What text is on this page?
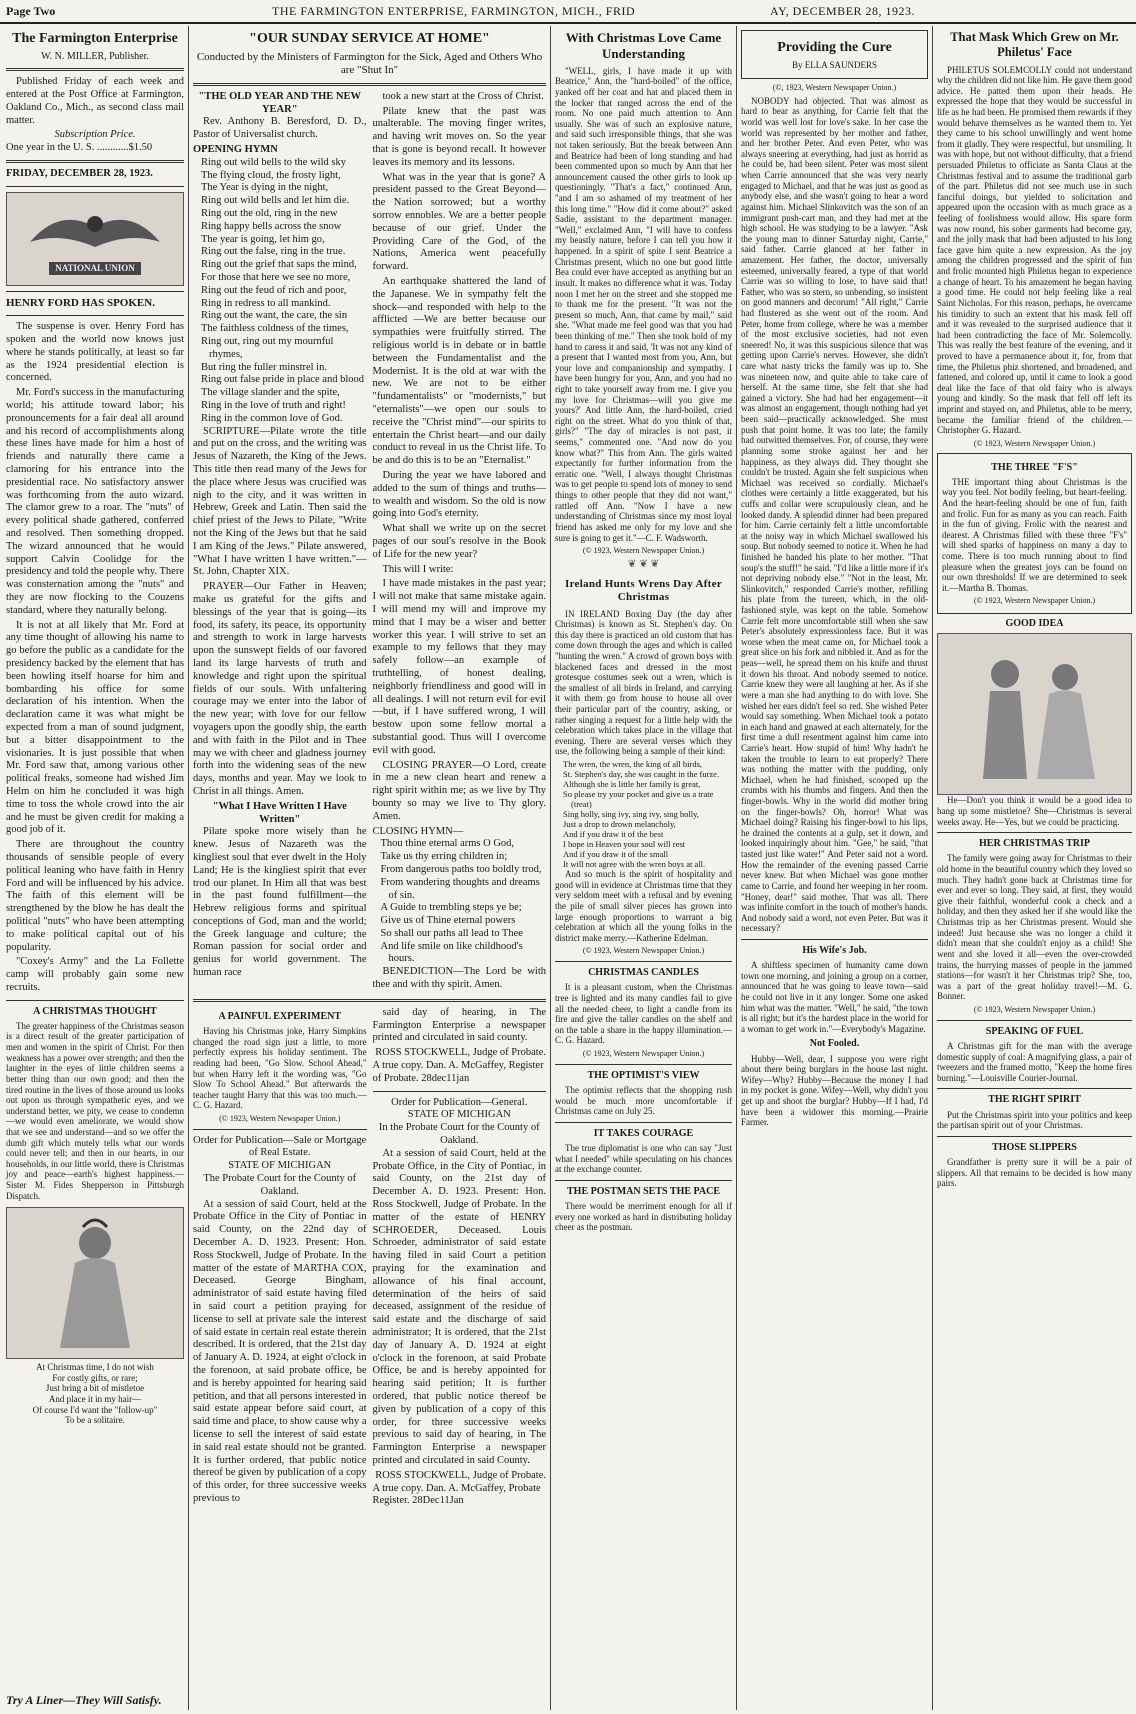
Page Two	THE FARMINGTON ENTERPRISE, FARMINGTON, MICH., FRID	AY, DECEMBER 28, 1923.
The Farmington Enterprise
W. N. MILLER, Publisher.

Published Friday of each week and entered at the Post Office at Farmington, Oakland Co., Mich., as second class mail matter.

Subscription Price.
One year in the U. S. ............$1.50
FRIDAY, DECEMBER 28, 1923.
NATIONAL UNION
HENRY FORD HAS SPOKEN.

The suspense is over. Henry Ford has spoken and the world now knows just where he stands politically, at least so far as the 1924 presidential election is concerned.

Mr. Ford's success in the manufacturing world; his attitude toward labor; his pronouncements for a fair deal all around and his record of accomplishments along these lines have made for him a host of friends and naturally there came a clamoring for his entrance into the presidential race. No satisfactory answer was forthcoming from the auto wizard. The clamor grew to a roar. The "nuts" of every political shade gathered, conferred and resolved. Then something dropped. The wizard announced that he would support Calvin Coolidge for the presidency and told the people why. There was consternation among the "nuts" and they are now flocking to the Couzens standard, where they naturally belong.

It is not at all likely that Mr. Ford at any time thought of allowing his name to go before the public as a candidate for the presidency backed by the element that has been howling itself hoarse for him and bombarding his office for some declaration of his intention. When the declaration came it was what might be expected from a man of sound judgment, but a bitter disappointment to the visionaries. It is just possible that when Mr. Ford saw that, among various other political freaks, someone had wished Jim Helm on him he concluded it was high time to toss the whole crowd into the air and he must be given credit for making a good job of it.

There are throughout the country thousands of sensible people of every political leaning who have faith in Henry Ford and will be influenced by his advice. The faith of this element will be strengthened by the blow he has dealt the political "nuts" who have been attempting to make political capital out of his popularity.

"Coxey's Army" and the La Follette camp will probably gain some new recruits.

A CHRISTMAS THOUGHT

The greater happiness of the Christmas season is a direct result of the greater participation of men and women in the spirit of Christ. For then weakness has a power over strength; and then the laughter in the eyes of little children seems a better thing than our own good; and then the tired routine in the lives of those around us looks out upon us through sympathetic eyes, and we understand better, we pity, we cease to condemn—we would even ameliorate, we would show that we see and understand—and so we offer the dumb gift which mutely tells what our words could never tell; and then in our hearts, in our households, in our little world, there is Christmas joy and peace—earth's highest happiness.—Sister M. Fides Shepperson in Pittsburgh Dispatch.

At Christmas time, I do not wish
For costly gifts, or rare;
Just bring a bit of mistletoe
And place it in my hair—
Of course I'd want the "follow-up"
To be a solitaire.
Try A Liner—They Will Satisfy.
"OUR SUNDAY SERVICE AT HOME"
Conducted by the Ministers of Farmington for the Sick, Aged and Others Who are "Shut In"
"THE OLD YEAR AND THE NEW YEAR"

Rev. Anthony B. Beresford, D. D., Pastor of Universalist church.

OPENING HYMN
Ring out wild bells to the wild sky
The flying cloud, the frosty light,
The Year is dying in the night,
Ring out wild bells and let him die.
Ring out the old, ring in the new
Ring happy bells across the snow
The year is going, let him go,
Ring out the false, ring in the true.
Ring out the grief that saps the mind,
For those that here we see no more,
Ring out the feud of rich and poor,
Ring in redress to all mankind.
Ring out the want, the care, the sin
The faithless coldness of the times,
Ring out, ring out my mournful rhymes,
But ring the fuller minstrel in.
Ring out false pride in place and blood
The village slander and the spite,
Ring in the love of truth and right!
Ring in the common love of God.

SCRIPTURE—Pilate wrote the title and put on the cross, and the writing was Jesus of Nazareth, the King of the Jews. This title then read many of the Jews for the place where Jesus was crucified was nigh to the city, and it was written in Hebrew, Greek and Latin. Then said the chief priest of the Jews to Pilate, "Write not the King of the Jews but that he said I am King of the Jews." Pilate answered, "What I have written I have written."—St. John, Chapter XIX.

PRAYER—Our Father in Heaven; make us grateful for the gifts and blessings of the year that is going—its food, its safety, its peace, its opportunity and strength to work in large harvests upon the sunswept fields of our favored land its large harvests of truth and knowledge and right upon the spiritual fields of our souls. With unfaltering courage may we enter into the labor of the new year; with love for our fellow voyagers upon the goodly ship, the earth and with faith in the Pilot and in Thee may we with cheer and gladness journey forth into the widening seas of the new days, months and year. May we look to Christ in all things. Amen.

"What I Have Written I Have Written"

Pilate spoke more wisely than he knew. Jesus of Nazareth was the kingliest soul that ever dwelt in the Holy Land; He is the kingliest spirit that ever trod our planet. In Him all that was best in the past found fulfillment—the Hebrew religious forms and spiritual conceptions of God, man and the world; the Greek language and culture; the Roman passion for social order and genius for world government. The human race

took a new start at the Cross of Christ.

Pilate knew that the past was unalterable. The moving finger writes, and having writ moves on. So the year that is gone is beyond recall. It however leaves its memory and its lessons.

What was in the year that is gone? A president passed to the Great Beyond—the Nation sorrowed; but a worthy sorrow ennobles. We are a better people because of our grief. Under the Providing Care of the God, of the Nations, America went peacefully forward.

An earthquake shattered the land of the Japanese. We in sympathy felt the shock—and responded with help to the afflicted —We are better because our sympathies were fruitfully stirred. The religious world is in debate or in battle between the Fundamentalist and the Modernist. It is the old at war with the new. We are not to be either "fundamentalists" or "modernists," but "eternalists"—we open our souls to receive the "Christ mind"—our spirits to entertain the Christ heart—and our daily conduct to reveal in us the Christ life. To be and do this is to be an "Eternalist."

During the year we have labored and added to the sum of things and truths—to wealth and wisdom. So the old is now going into God's eternity.

What shall we write up on the secret pages of our soul's resolve in the Book of Life for the new year?

This will I write:

I have made mistakes in the past year; I will not make that same mistake again. I will mend my will and improve my mind that I may be a wiser and better worker this year. I will strive to set an example to my fellows that they may safely follow—an example of truthtelling, of honest dealing, neighborly friendliness and good will in all dealings. I will not return evil for evil—but, if I have suffered wrong, I will bestow upon some fellow mortal a substantial good. Thus will I overcome evil with good.

CLOSING PRAYER—O Lord, create in me a new clean heart and renew a right spirit within me; as we live by Thy bounty so may we live to Thy glory. Amen.

CLOSING HYMN—
Thou thine eternal arms O God,
Take us thy erring children in;
From dangerous paths too boldly trod,
From wandering thoughts and dreams of sin.
A Guide to trembling steps ye be;
Give us of Thine eternal powers
So shall our paths all lead to Thee
And life smile on like childhood's hours.

BENEDICTION—The Lord be with thee and with thy spirit. Amen.

A PAINFUL EXPERIMENT

Having his Christmas joke, Harry Simpkins changed the road sign just a little, to more perfectly express his holiday sentiment. The reading had been, "Go Slow. School Ahead," but when Harry left it the wording was, "Go Slow To School Ahead." But afterwards the teacher taught Harry that this was too much.—C. G. Hazard.

(© 1923, Western Newspaper Union.)
Order for Publication—Sale or Mortgage of Real Estate.
STATE OF MICHIGAN
The Probate Court for the County of Oakland.

At a session of said Court, held at the Probate Office in the City of Pontiac in said County, on the 22nd day of December A. D. 1923. Present: Hon. Ross Stockwell, Judge of Probate. In the matter of the estate of MARTHA COX, Deceased. George Bingham, administrator of said estate having filed in said court a petition praying for license to sell at private sale the interest of said estate in certain real estate therein described. It is ordered, that the 21st day of January A. D. 1924, at eight o'clock in the forenoon, at said probate office, be and is hereby appointed for hearing said petition, and that all persons interested in said estate appear before said court, at said time and place, to show cause why a license to sell the interest of said estate in said real estate should not be granted. It is further ordered, that public notice thereof be given by publication of a copy of this order, for three successive weeks previous to

said day of hearing, in The Farmington Enterprise a newspaper printed and circulated in said county.

ROSS STOCKWELL, Judge of Probate.
A true copy. Dan. A. McGaffey, Register of Probate. 28dec11jan
Order for Publication—General.
STATE OF MICHIGAN
In the Probate Court for the County of Oakland.

At a session of said Court, held at the Probate Office, in the City of Pontiac, in said County, on the 21st day of December A. D. 1923. Present: Hon. Ross Stockwell, Judge of Probate. In the matter of the estate of HENRY SCHROEDER, Deceased. Louis Schroeder, administrator of said estate having filed in said Court a petition praying for the examination and allowance of his final account, determination of the heirs of said deceased, assignment of the residue of said estate and the discharge of said administrator; It is ordered, that the 21st day of January A. D. 1924 at eight o'clock in the forenoon, at said Probate Office, be and is hereby appointed for hearing said petition; It is further ordered, that public notice thereof be given by publication of a copy of this order, for three successive weeks previous to said day of hearing, in The Farmington Enterprise a newspaper printed and circulated in said County.

ROSS STOCKWELL, Judge of Probate.
A true copy. Dan. A. McGaffey, Probate Register. 28Dec11Jan
With Christmas Love Came Understanding

"WELL, girls, I have made it up with Beatrice," Ann, the "hard-boiled" of the office, yanked off her coat and hat and placed them in the locker that ranged across the end of the room. No one paid much attention to Ann usually. She was of such an explosive nature, and said such irresponsible things, that she was not taken seriously. But the break between Ann and Beatrice had been of long standing and had been commented upon so much by Ann that her announcement caused the other girls to look up questioningly. "That's a fact," continued Ann, "and I am so ashamed of my treatment of her this long time." "How did it come about?" asked Sadie, assistant to the department manager. "Well," exclaimed Ann, "I will have to confess my beastly nature, before I can tell you how it happened. In a spirit of spite I sent Beatrice a Christmas present, which no one but good little Bea could ever have accepted as anything but an insult. It makes no difference what it was. Today noon I met her on the street and she stopped me to thank me for the present. "It was not the present so much, Ann, that came by mail," said she. "What made me feel good was that you had been thinking of me." Then she took hold of my hand to caress it and said, 'It was not any kind of a present that I wanted most from you, Ann, but your love and companionship and sympathy. I have been hungry for you, Ann, and you had no right to take yourself away from me. I give you my love for Christmas—will you give me yours?' And little Ann, the hard-boiled, cried right on the street. What do you think of that, girls?" "The day of miracles is not past, it seems," commented one. "And now do you know what?" This from Ann. The girls waited expectantly for further information from the erratic one. "Well, I always thought Christmas was to get people to spend lots of money to send things to other people that they did not want," rattled off Ann. "Now I have a new understanding of Christmas since my most loyal friend has asked me only for my love and she sure is going to get it."—C. F. Wadsworth.

(© 1923, Western Newspaper Union.)
❦ ❦ ❦
Ireland Hunts Wrens Day After Christmas

IN IRELAND Boxing Day (the day after Christmas) is known as St. Stephen's day. On this day there is practiced an old custom that has come down through the ages and which is called "hunting the wren." A crowd of grown boys with blackened faces and dressed in the most grotesque costumes seek out a wren, which is the smallest of all birds in Ireland, and carrying it with them go from house to house all over their particular part of the country, asking, or rather singing a request for a little help with the celebration which takes place in the village that evening. There are several verses which they use, the following being a sample of their kind:

The wren, the wren, the king of all birds,
St. Stephen's day, she was caught in the furze.
Although she is little her family is great,
So please try your pocket and give us a trate (treat)
Sing holly, sing ivy, sing ivy, sing holly,
Just a drop to drown melancholy,
And if you draw it of the best
I hope in Heaven your soul will rest
And if you draw it of the small
It will not agree with the wren boys at all.

And so much is the spirit of hospitality and good will in evidence at Christmas time that they very seldom meet with a refusal and by evening the pile of small silver pieces has grown into large enough proportions to warrant a big celebration at which all the young folks in the district make merry.—Katherine Edelman.

(© 1923, Western Newspaper Union.)
CHRISTMAS CANDLES

It is a pleasant custom, when the Christmas tree is lighted and its many candles fail to give all the needed cheer, to light a candle from its fire and give the taller candles on the shelf and on the table a share in the happy illumination.—C. G. Hazard.

(© 1923, Western Newspaper Union.)
THE OPTIMIST'S VIEW

The optimist reflects that the shopping rush would be much more uncomfortable if Christmas came on July 25.

IT TAKES COURAGE

The true diplomatist is one who can say "Just what I needed" while speculating on his chances at the exchange counter.

THE POSTMAN SETS THE PACE

There would be merriment enough for all if every one worked as hard in distributing holiday cheer as the postman.

Providing the Cure
By ELLA SAUNDERS
(©, 1923, Western Newspaper Union.)

NOBODY had objected. That was almost as hard to bear as anything, for Carrie felt that the world was well lost for love's sake. In her case the world was represented by her mother and father, and her brother Peter. And even Peter, who was always sneering at everything, had just as horrid as he could be, had been silent. Peter was most silent when Carrie announced that she was very nearly engaged to Michael, and that he was just as good as anybody else, and she wasn't going to hear a word against him. Michael Slinkovitch was the son of an immigrant push-cart man, and they had met at the high school. He was studying to be a lawyer. "Ask the young man to dinner Saturday night, Carrie," said father. Carrie glanced at her father in amazement. Her father, the doctor, universally esteemed, universally feared, a type of that world Carrie was so willing to lose, to have said that! Father, who was so stern, so unbending, so insistent on good manners and decorum! "All right," Carrie had flustered as she went out of the room. And Peter, home from college, where he was a member of the most exclusive societies, had not even sneered! No, it was this suspicious silence that was getting upon Carrie's nerves. However, she didn't care what nasty tricks the family was up to. She was nineteen now, and quite able to take care of herself. At the same time, she felt that she had gained a victory. She had had her engagement—it was almost an engagement, though nothing had yet been said—practically acknowledged. She must push that point home. It was too late; the family had outwitted themselves. For, of course, they were planning some stroke against her and her happiness, as they always did. They thought she couldn't be trusted. Again she felt suspicious when Michael was received so cordially. Michael's clothes were certainly a little exaggerated, but his cuffs and collar were scrupulously clean, and he looked dandy. A splendid dinner had been prepared for him. Carrie certainly felt a little uncomfortable at the noisy way in which Michael swallowed his soup. But nobody seemed to notice it. When he had finished he handed his plate to her mother. "That soup's the stuff!" he said. "I'd like a little more if it's not depriving nobody else." "Not in the least, Mr. Slinkovitch," responded Carrie's mother, refilling his plate from the tureen, which, in the old-fashioned style, was kept on the table. Somehow Carrie felt more uncomfortable still when she saw Peter's absolutely expressionless face. But it was worse when the meat came on, for Michael took a great slice on his fork and nibbled it. And as for the peas—well, he spread them on his knife and thrust it down his throat. And nobody seemed to notice. Carrie knew they were all laughing at her. As if she were a man she had anything to do with love. She wished her ears didn't feel so red. She wished Peter would say something. When Michael took a potato in each hand and gnawed at each alternately, for the first time a dull resentment against him came into Carrie's heart. How stupid of him! Why hadn't he taken the trouble to learn to eat properly? There was nothing the matter with the pudding, only Michael, when he had finished, scooped up the crumbs with his thumbs and fingers. And then the finger-bowls. Why in the world did mother bring on the finger-bowls? Oh, horror! What was Michael doing? Raising his finger-bowl to his lips, he drained the contents at a gulp, set it down, and looked inquiringly about him. "Gee," he said, "that tasted just like water!" And Peter said not a word. How the remainder of the evening passed Carrie never knew. But when Michael was gone mother came to Carrie, and found her weeping in her room. "Honey, dear!" said mother. That was all. There was infinite comfort in the touch of mother's hands. And nobody said a word, not even Peter. But was it necessary?

His Wife's Job.

A shiftless specimen of humanity came down town one morning, and joining a group on a corner, announced that he was going to leave town—said he could not live in it any longer. Some one asked him what was the matter. "Well," he said, "the town is all right; but it's the hardest place in the world for a woman to get work in."—Everybody's Magazine.

Not Fooled.

Hubby—Well, dear, I suppose you were right about there being burglars in the house last night. Wifey—Why? Hubby—Because the money I had in my pocket is gone. Wifey—Well, why didn't you get up and shoot the burglar? Hubby—If I had, I'd have been a widower this morning.—Prairie Farmer.

That Mask Which Grew on Mr. Philetus' Face

PHILETUS SOLEMCOLLY could not understand why the children did not like him. He gave them good advice. He patted them upon their heads. He expressed the hope that they would be successful in life as he had been. He promised them rewards if they would behave themselves as he wanted them to. Yet they came to his school unwillingly and went home from it gladly. They were respectful, but unsmiling. It was with hope, but not without difficulty, that a friend persuaded Philetus to officiate as Santa Claus at the Christmas festival and to assume the traditional garb of the part. Philetus did not see much use in such fanciful doings, but yielded to solicitation and appeared upon the occasion with as much grace as a feeling of foolishness would allow. His spare form was now round, his sober garments had become gay, and the jolly mask that had been adjusted to his long face gave him quite a new expression. As the joy among the children progressed and the spirit of fun and frolic mounted high Philetus began to experience a change of heart. To his amazement he began having a good time. He could not help feeling like a real Saint Nicholas. For this reason, perhaps, he overcame his timidity to such an extent that his mask fell off and it was revealed to the surprised audience that it had been contradicting the face of Mr. Solemcolly. This was really the best feature of the evening, and it proved to have a permanence about it, for, from that time, the Philetus phiz shortened, and broadened, and fattened, and colored up, until it came to look a good deal like the face of that old fairy who is always young and kindly. So the mask that fell off left its imprint and stayed on, and Philetus, able to be merry, became the familiar friend of the children.—Christopher G. Hazard.

(© 1923, Western Newspaper Union.)
THE THREE "F'S"

THE important thing about Christmas is the way you feel. Not bodily feeling, but heart-feeling. And the heart-feeling should be one of fun, faith and frolic. Fun for as many as you can reach. Faith in the fun of giving. Frolic with the nearest and dearest. A Christmas filled with these three "F's" will shed sparks of happiness on many a day to come. There is too much running about to find pleasure when the greatest joys can be found on our own thresholds! If we are determined to seek it.—Martha B. Thomas.

(© 1923, Western Newspaper Union.)
GOOD IDEA

He—Don't you think it would be a good idea to hang up some mistletoe? She—Christmas is several weeks away. He—Yes, but we could be practicing.

HER CHRISTMAS TRIP

The family were going away for Christmas to their old home in the beautiful country which they loved so much. They hadn't gone back at Christmas time for ever and ever so long. They said, at first, they would give their faithful, wonderful cook a check and a holiday, and then they asked her if she would like the Christmas trip as her Christmas present. Would she indeed! Just because she was no longer a child it didn't mean that she couldn't enjoy as a child! She went and she loved it all—even the over-crowded trains, the hurrying masses of people in the jammed stations—for wasn't it her Christmas trip? She, too, was a part of the great holiday travel!—M. G. Bonner.

(© 1923, Western Newspaper Union.)
SPEAKING OF FUEL

A Christmas gift for the man with the average domestic supply of coal: A magnifying glass, a pair of tweezers and the framed motto, "Keep the home fires burning."—Louisville Courier-Journal.

THE RIGHT SPIRIT

Put the Christmas spirit into your politics and keep the partisan spirit out of your Christmas.

THOSE SLIPPERS

Grandfather is pretty sure it will be a pair of slippers. All that remains to be decided is how many pairs.
